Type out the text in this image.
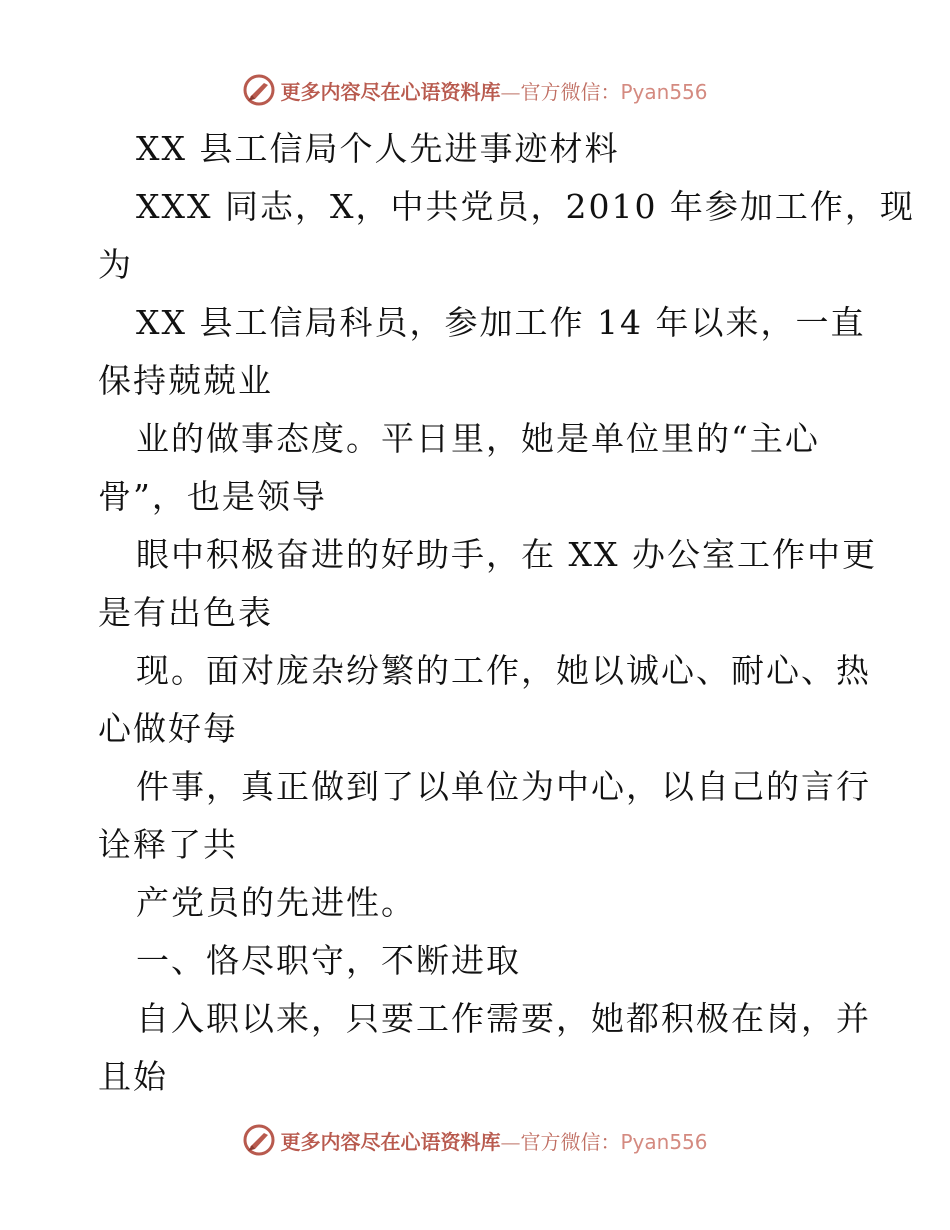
更多内容尽在心语资料库—官方微信：Pyan556
XX 县工信局个人先进事迹材料
XXX 同志，X，中共党员，2010 年参加工作，现
为
XX 县工信局科员，参加工作 14 年以来，一直
保持兢兢业
业的做事态度。平日里，她是单位里的“主心
骨”，也是领导
眼中积极奋进的好助手，在 XX 办公室工作中更
是有出色表
现。面对庞杂纷繁的工作，她以诚心、耐心、热
心做好每
件事，真正做到了以单位为中心，以自己的言行
诠释了共
产党员的先进性。
一、恪尽职守，不断进取
自入职以来，只要工作需要，她都积极在岗，并
且始
更多内容尽在心语资料库—官方微信：Pyan556
